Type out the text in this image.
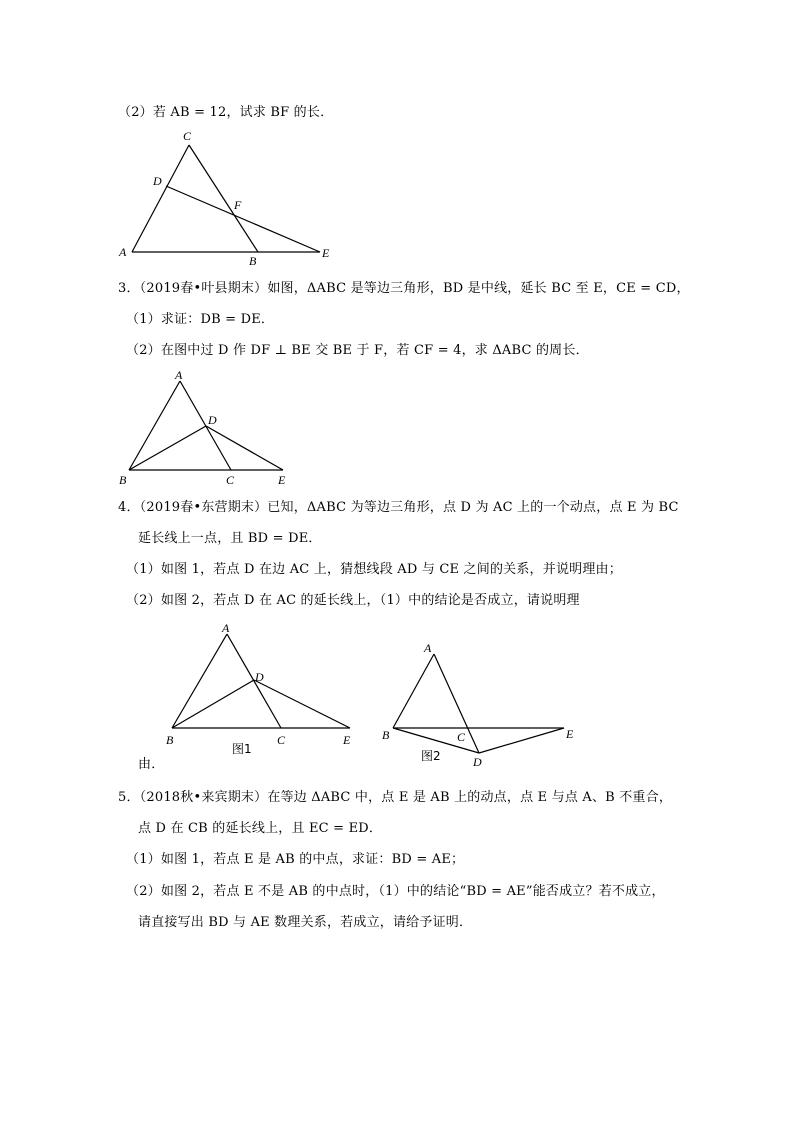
（2）若 AB = 12，试求 BF 的长．
C
D
F
A
B
E
3．（2019春•叶县期末）如图，ΔABC 是等边三角形，BD 是中线，延长 BC 至 E，CE = CD，
（1）求证：DB = DE．
（2）在图中过 D 作 DF ⊥ BE 交 BE 于 F，若 CF = 4，求 ΔABC 的周长．
A
D
B	C	E
4．（2019春•东营期末）已知，ΔABC 为等边三角形，点 D 为 AC 上的一个动点，点 E 为 BC
延长线上一点，且 BD = DE．
（1）如图 1，若点 D 在边 AC 上，猜想线段 AD 与 CE 之间的关系，并说明理由；
（2）如图 2，若点 D 在 AC 的延长线上，（1）中的结论是否成立，请说明理
A
D
B	C	E
图1
A
B	C	E
D
图2
由．
5．（2018秋•来宾期末）在等边 ΔABC 中，点 E 是 AB 上的动点，点 E 与点 A、B 不重合，
点 D 在 CB 的延长线上，且 EC = ED．
（1）如图 1，若点 E 是 AB 的中点，求证：BD = AE；
（2）如图 2，若点 E 不是 AB 的中点时，（1）中的结论“BD = AE”能否成立？若不成立，
请直接写出 BD 与 AE 数理关系，若成立，请给予证明．
